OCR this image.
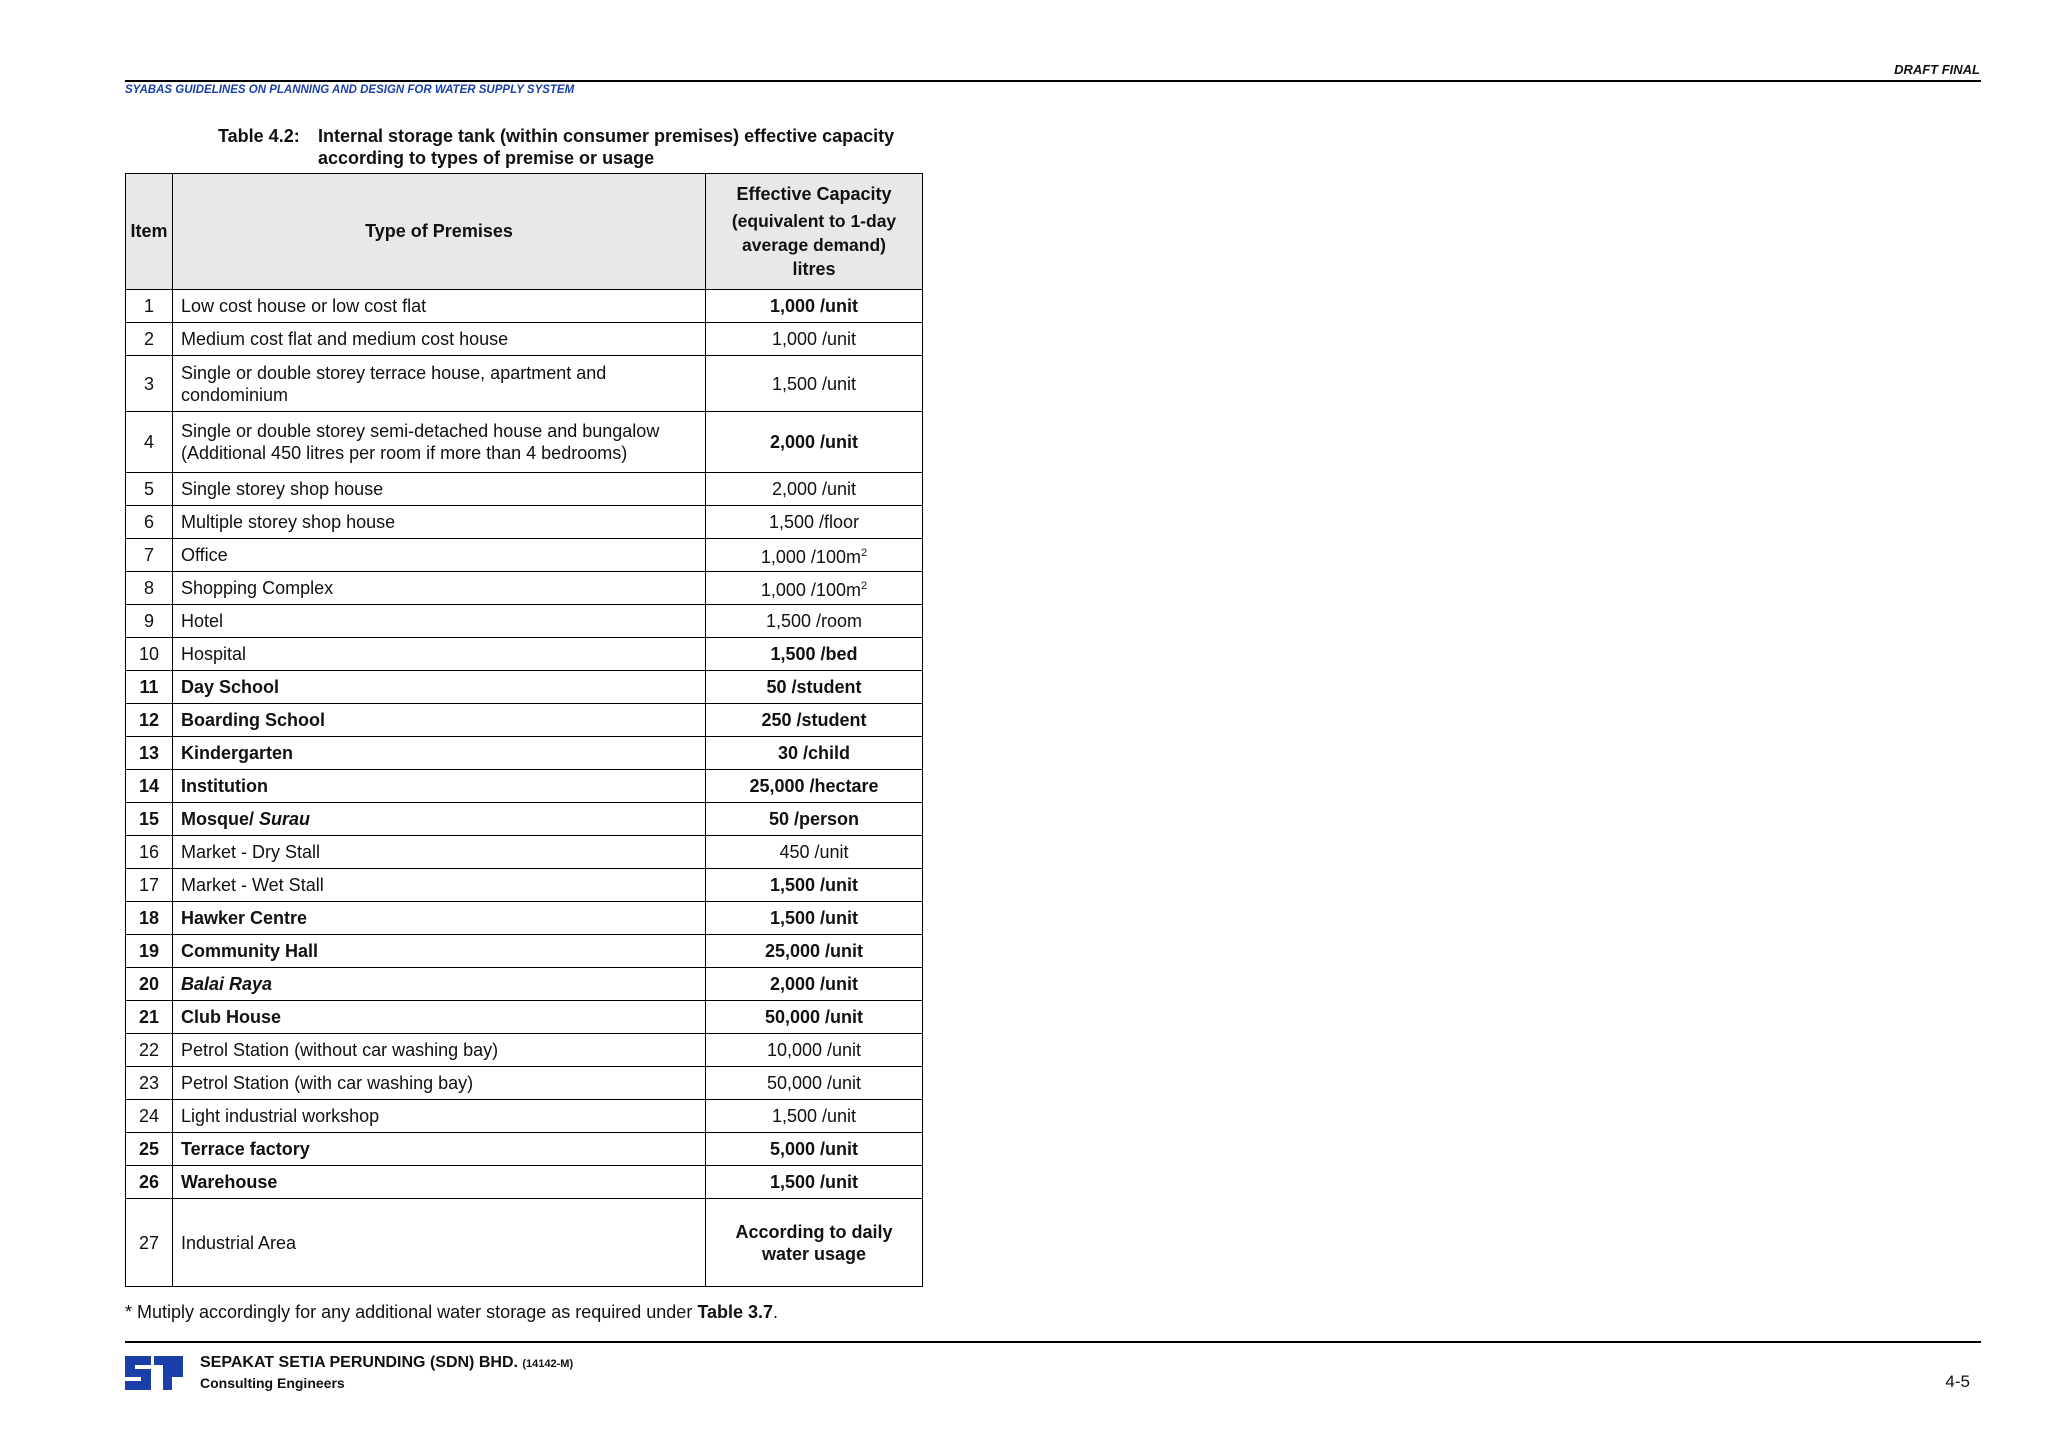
DRAFT FINAL
SYABAS GUIDELINES ON PLANNING AND DESIGN FOR WATER SUPPLY SYSTEM
Table 4.2: Internal storage tank (within consumer premises) effective capacity
according to types of premise or usage
Item	Type of Premises	Effective Capacity
(equivalent to 1-day average demand)
litres

1	Low cost house or low cost flat	1,000 /unit
2	Medium cost flat and medium cost house	1,000 /unit
3	Single or double storey terrace house, apartment and condominium	1,500 /unit
4	Single or double storey semi-detached house and bungalow
(Additional 450 litres per room if more than 4 bedrooms)	2,000 /unit
5	Single storey shop house	2,000 /unit
6	Multiple storey shop house	1,500 /floor
7	Office	1,000 $/100m^2$
8	Shopping Complex	1,000 $/100m^2$
9	Hotel	1,500 /room
10	Hospital	1,500 /bed
11	Day School	50 /student
12	Boarding School	250 /student
13	Kindergarten	30 /child
14	Institution	25,000 /hectare
15	Mosque/ Surau	50 /person
16	Market - Dry Stall	450 /unit
17	Market - Wet Stall	1,500 /unit
18	Hawker Centre	1,500 /unit
19	Community Hall	25,000 /unit
20	Balai Raya	2,000 /unit
21	Club House	50,000 /unit
22	Petrol Station (without car washing bay)	10,000 /unit
23	Petrol Station (with car washing bay)	50,000 /unit
24	Light industrial workshop	1,500 /unit
25	Terrace factory	5,000 /unit
26	Warehouse	1,500 /unit
27	Industrial Area	According to daily
water usage
* Mutiply accordingly for any additional water storage as required under Table 3.7.
SEPAKAT SETIA PERUNDING (SDN) BHD. (14142-M)
Consulting Engineers	4-5
